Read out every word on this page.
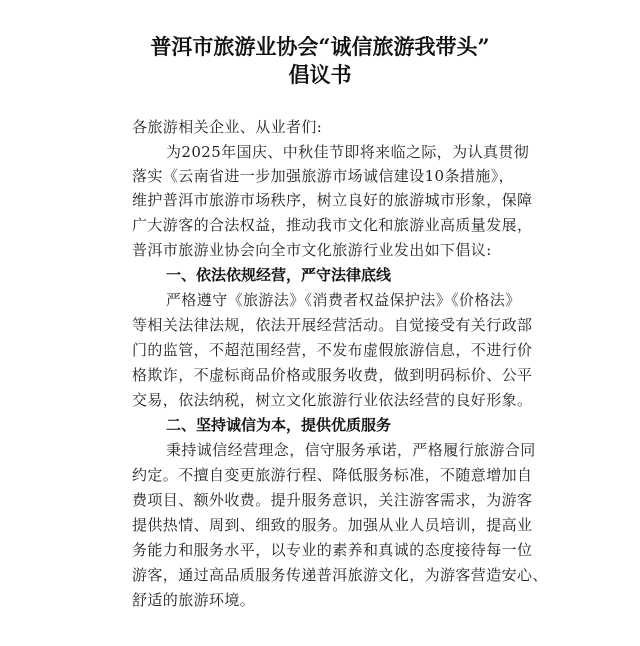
普洱市旅游业协会“诚信旅游我带头”
倡议书
各旅游相关企业、从业者们:
为2025年国庆、中秋佳节即将来临之际，为认真贯彻
落实《云南省进一步加强旅游市场诚信建设10条措施》，
维护普洱市旅游市场秩序，树立良好的旅游城市形象，保障
广大游客的合法权益，推动我市文化和旅游业高质量发展，
普洱市旅游业协会向全市文化旅游行业发出如下倡议:
一、依法依规经营，严守法律底线
严格遵守《旅游法》《消费者权益保护法》《价格法》
等相关法律法规，依法开展经营活动。自觉接受有关行政部
门的监管，不超范围经营，不发布虚假旅游信息，不进行价
格欺诈，不虚标商品价格或服务收费，做到明码标价、公平
交易，依法纳税，树立文化旅游行业依法经营的良好形象。
二、坚持诚信为本，提供优质服务
秉持诚信经营理念，信守服务承诺，严格履行旅游合同
约定。不擅自变更旅游行程、降低服务标准，不随意增加自
费项目、额外收费。提升服务意识，关注游客需求，为游客
提供热情、周到、细致的服务。加强从业人员培训，提高业
务能力和服务水平，以专业的素养和真诚的态度接待每一位
游客，通过高品质服务传递普洱旅游文化，为游客营造安心、
舒适的旅游环境。
